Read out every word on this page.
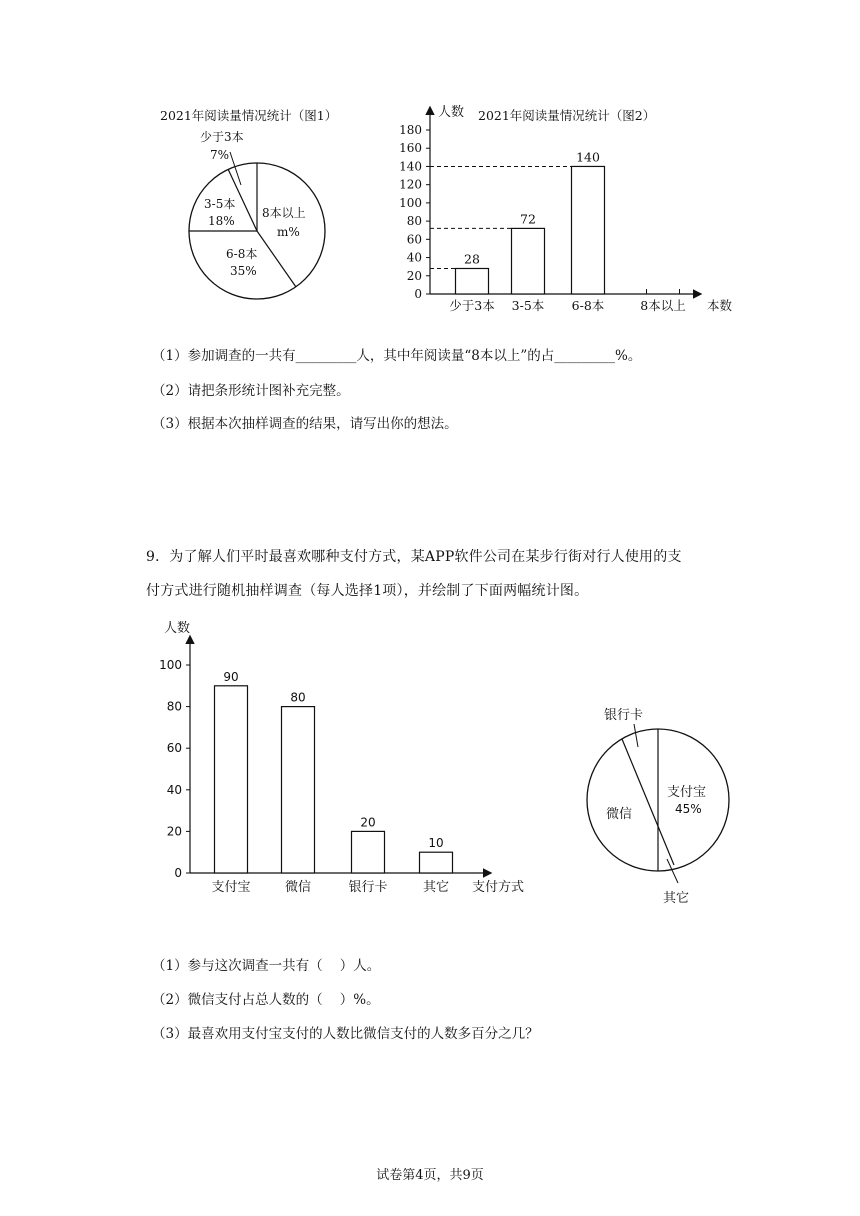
2021年阅读量情况统计（图1）
少于3本
7%
3-5本
18%
6-8本
35%
8本以上
m%
人数 2021年阅读量情况统计（图2）
本数
0
20
40
60
80
100
120
140
160
180
28
72
140
少于3本 3-5本 6-8本	8本以上
（1）参加调查的一共有_________人，其中年阅读量“8本以上”的占_________%。
（2）请把条形统计图补充完整。
（3）根据本次抽样调查的结果，请写出你的想法。
9．为了解人们平时最喜欢哪种支付方式，某APP软件公司在某步行街对行人使用的支
付方式进行随机抽样调查（每人选择1项），并绘制了下面两幅统计图。
人数
支付方式
0
20
40
60
80
100
90
80
20
10
支付宝	微信	银行卡	其它
银行卡
支付宝
45%
微信
其它
（1）参与这次调查一共有（    ）人。
（2）微信支付占总人数的（    ）%。
（3）最喜欢用支付宝支付的人数比微信支付的人数多百分之几？
试卷第4页，共9页
